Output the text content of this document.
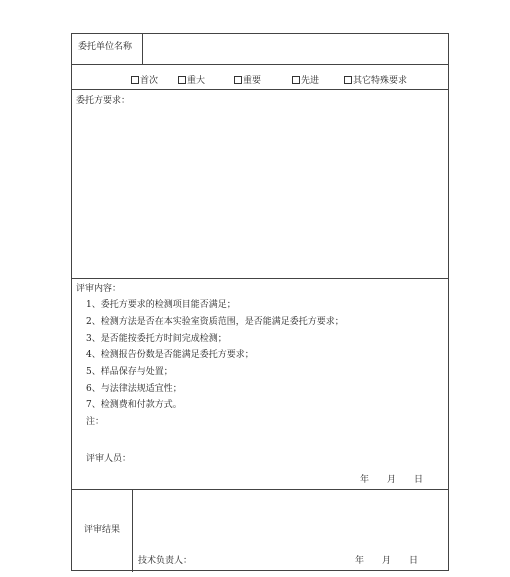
委托单位名称
首次	重大	重要	先进	其它特殊要求
委托方要求：
评审内容：
1、委托方要求的检测项目能否满足；
2、检测方法是否在本实验室资质范围，是否能满足委托方要求；
3、是否能按委托方时间完成检测；
4、检测报告份数是否能满足委托方要求；
5、样品保存与处置；
6、与法律法规适宜性；
7、检测费和付款方式。
注：
评审人员：
年 月 日
评审结果
技术负责人：	年 月 日
